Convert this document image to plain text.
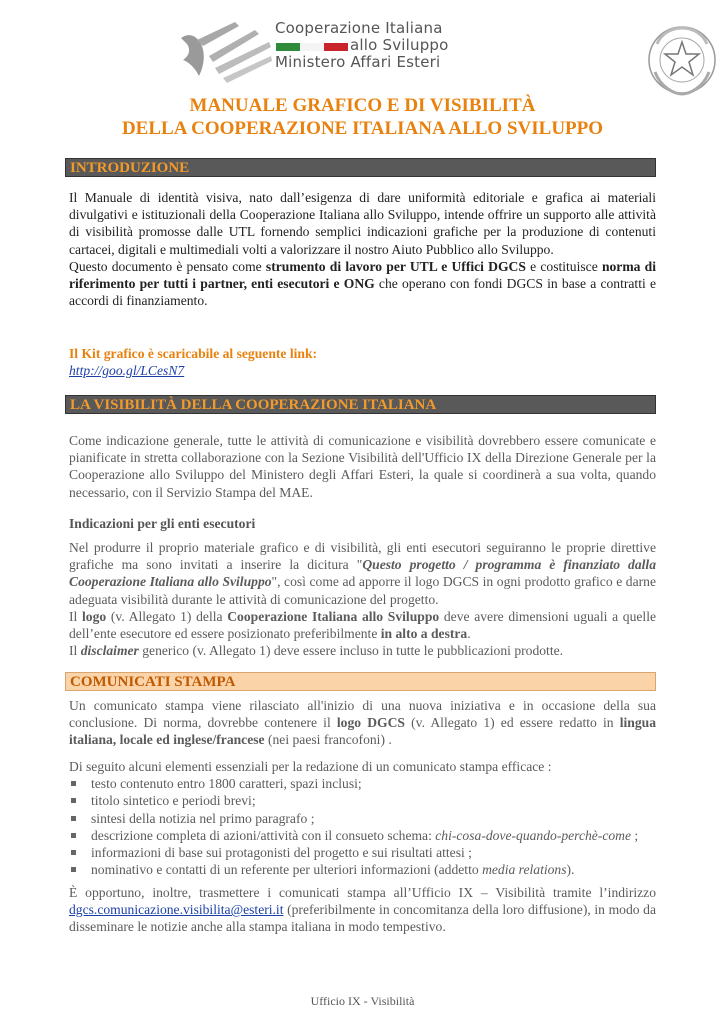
Cooperazione Italiana
allo Sviluppo
Ministero Affari Esteri
MANUALE GRAFICO E DI VISIBILITÀ
DELLA COOPERAZIONE ITALIANA ALLO SVILUPPO
INTRODUZIONE
Il Manuale di identità visiva, nato dall’esigenza di dare uniformità editoriale e grafica ai materiali divulgativi e istituzionali della Cooperazione Italiana allo Sviluppo, intende offrire un supporto alle attività di visibilità promosse dalle UTL fornendo semplici indicazioni grafiche per la produzione di contenuti cartacei, digitali e multimediali volti a valorizzare il nostro Aiuto Pubblico allo Sviluppo.
Questo documento è pensato come strumento di lavoro per UTL e Uffici DGCS e costituisce norma di riferimento per tutti i partner, enti esecutori e ONG che operano con fondi DGCS in base a contratti e accordi di finanziamento.
Il Kit grafico è scaricabile al seguente link:
http://goo.gl/LCesN7
LA VISIBILITÀ DELLA COOPERAZIONE ITALIANA
Come indicazione generale, tutte le attività di comunicazione e visibilità dovrebbero essere comunicate e pianificate in stretta collaborazione con la Sezione Visibilità dell'Ufficio IX della Direzione Generale per la Cooperazione allo Sviluppo del Ministero degli Affari Esteri, la quale si coordinerà a sua volta, quando necessario, con il Servizio Stampa del MAE.
Indicazioni per gli enti esecutori
Nel produrre il proprio materiale grafico e di visibilità, gli enti esecutori seguiranno le proprie direttive grafiche ma sono invitati a inserire la dicitura "Questo progetto / programma è finanziato dalla Cooperazione Italiana allo Sviluppo", così come ad apporre il logo DGCS in ogni prodotto grafico e darne adeguata visibilità durante le attività di comunicazione del progetto.
Il logo (v. Allegato 1) della Cooperazione Italiana allo Sviluppo deve avere dimensioni uguali a quelle dell’ente esecutore ed essere posizionato preferibilmente in alto a destra.
Il disclaimer generico (v. Allegato 1) deve essere incluso in tutte le pubblicazioni prodotte.
COMUNICATI STAMPA
Un comunicato stampa viene rilasciato all'inizio di una nuova iniziativa e in occasione della sua conclusione. Di norma, dovrebbe contenere il logo DGCS (v. Allegato 1) ed essere redatto in lingua italiana, locale ed inglese/francese (nei paesi francofoni) .
Di seguito alcuni elementi essenziali per la redazione di un comunicato stampa efficace :
testo contenuto entro 1800 caratteri, spazi inclusi;
titolo sintetico e periodi brevi;
sintesi della notizia nel primo paragrafo ;
descrizione completa di azioni/attività con il consueto schema: chi-cosa-dove-quando-perchè-come ;
informazioni di base sui protagonisti del progetto e sui risultati attesi ;
nominativo e contatti di un referente per ulteriori informazioni (addetto media relations).
È opportuno, inoltre, trasmettere i comunicati stampa all’Ufficio IX – Visibilità tramite l’indirizzo dgcs.comunicazione.visibilita@esteri.it (preferibilmente in concomitanza della loro diffusione), in modo da disseminare le notizie anche alla stampa italiana in modo tempestivo.
Ufficio IX - Visibilità
